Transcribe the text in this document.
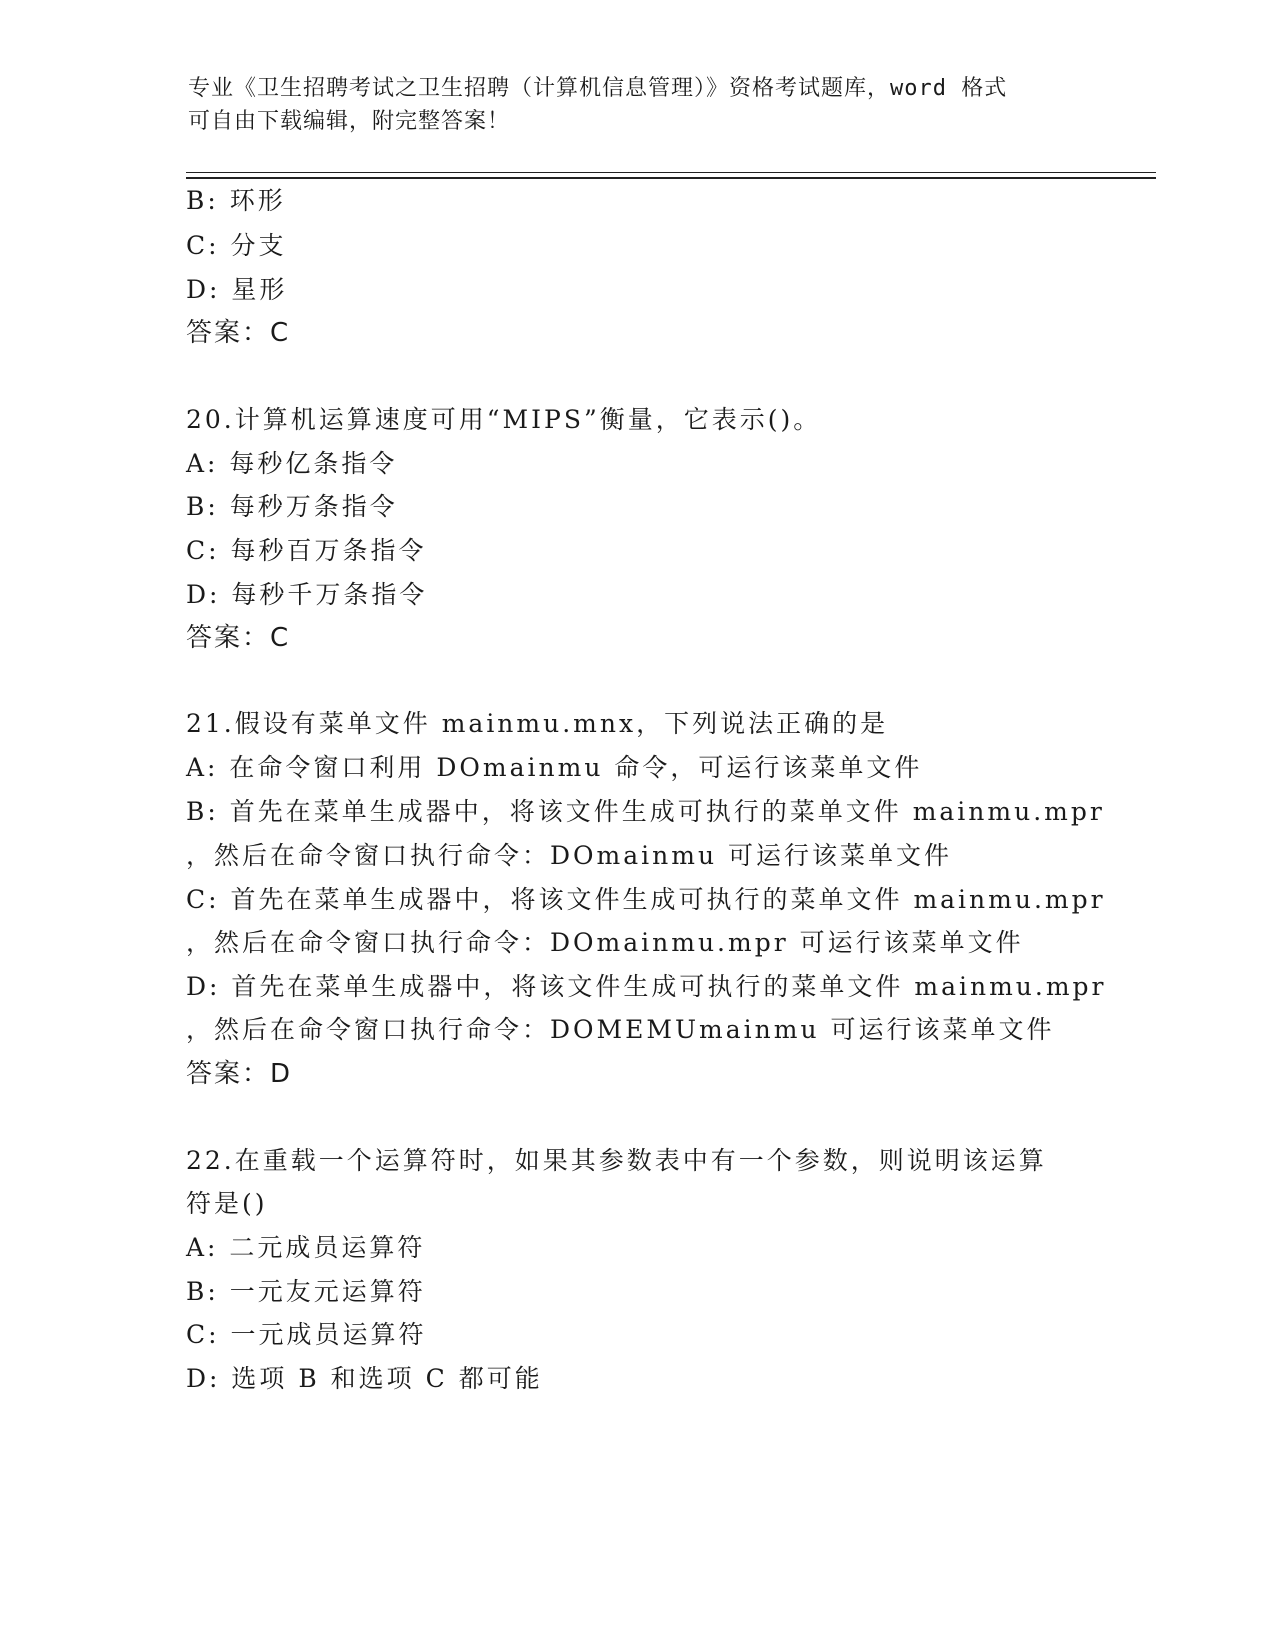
专业《卫生招聘考试之卫生招聘（计算机信息管理）》资格考试题库，word 格式
可自由下载编辑，附完整答案！
B: 环形
C: 分支
D: 星形
答案：C
20.计算机运算速度可用“MIPS”衡量，它表示()。
A: 每秒亿条指令
B: 每秒万条指令
C: 每秒百万条指令
D: 每秒千万条指令
答案：C
21.假设有菜单文件 mainmu.mnx，下列说法正确的是
A: 在命令窗口利用 DOmainmu 命令，可运行该菜单文件
B: 首先在菜单生成器中，将该文件生成可执行的菜单文件 mainmu.mpr
，然后在命令窗口执行命令：DOmainmu 可运行该菜单文件
C: 首先在菜单生成器中，将该文件生成可执行的菜单文件 mainmu.mpr
，然后在命令窗口执行命令：DOmainmu.mpr 可运行该菜单文件
D: 首先在菜单生成器中，将该文件生成可执行的菜单文件 mainmu.mpr
，然后在命令窗口执行命令：DOMEMUmainmu 可运行该菜单文件
答案：D
22.在重载一个运算符时，如果其参数表中有一个参数，则说明该运算
符是()
A: 二元成员运算符
B: 一元友元运算符
C: 一元成员运算符
D: 选项 B 和选项 C 都可能
